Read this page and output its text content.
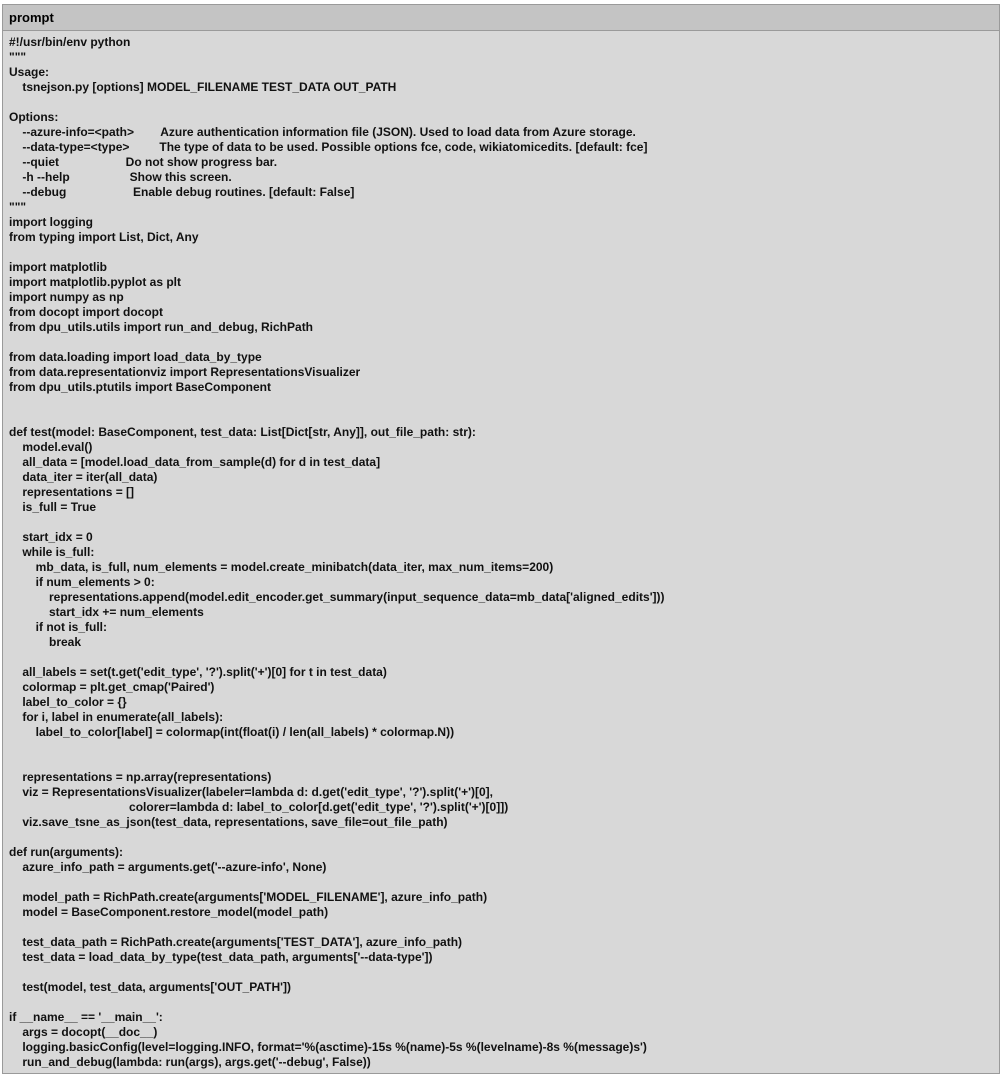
prompt
#!/usr/bin/env python
"""
Usage:
tsnejson.py [options] MODEL_FILENAME TEST_DATA OUT_PATH
Options:
--azure-info=<path>        Azure authentication information file (JSON). Used to load data from Azure storage.
--data-type=<type>         The type of data to be used. Possible options fce, code, wikiatomicedits. [default: fce]
--quiet                    Do not show progress bar.
-h --help                  Show this screen.
--debug                    Enable debug routines. [default: False]
"""
import logging
from typing import List, Dict, Any
import matplotlib
import matplotlib.pyplot as plt
import numpy as np
from docopt import docopt
from dpu_utils.utils import run_and_debug, RichPath
from data.loading import load_data_by_type
from data.representationviz import RepresentationsVisualizer
from dpu_utils.ptutils import BaseComponent
def test(model: BaseComponent, test_data: List[Dict[str, Any]], out_file_path: str):
model.eval()
all_data = [model.load_data_from_sample(d) for d in test_data]
data_iter = iter(all_data)
representations = []
is_full = True
start_idx = 0
while is_full:
mb_data, is_full, num_elements = model.create_minibatch(data_iter, max_num_items=200)
if num_elements > 0:
representations.append(model.edit_encoder.get_summary(input_sequence_data=mb_data['aligned_edits']))
start_idx += num_elements
if not is_full:
break
all_labels = set(t.get('edit_type', '?').split('+')[0] for t in test_data)
colormap = plt.get_cmap('Paired')
label_to_color = {}
for i, label in enumerate(all_labels):
label_to_color[label] = colormap(int(float(i) / len(all_labels) * colormap.N))
representations = np.array(representations)
viz = RepresentationsVisualizer(labeler=lambda d: d.get('edit_type', '?').split('+')[0],
colorer=lambda d: label_to_color[d.get('edit_type', '?').split('+')[0]])
viz.save_tsne_as_json(test_data, representations, save_file=out_file_path)
def run(arguments):
azure_info_path = arguments.get('--azure-info', None)
model_path = RichPath.create(arguments['MODEL_FILENAME'], azure_info_path)
model = BaseComponent.restore_model(model_path)
test_data_path = RichPath.create(arguments['TEST_DATA'], azure_info_path)
test_data = load_data_by_type(test_data_path, arguments['--data-type'])
test(model, test_data, arguments['OUT_PATH'])
if __name__ == '__main__':
args = docopt(__doc__)
logging.basicConfig(level=logging.INFO, format='%(asctime)-15s %(name)-5s %(levelname)-8s %(message)s')
run_and_debug(lambda: run(args), args.get('--debug', False))
